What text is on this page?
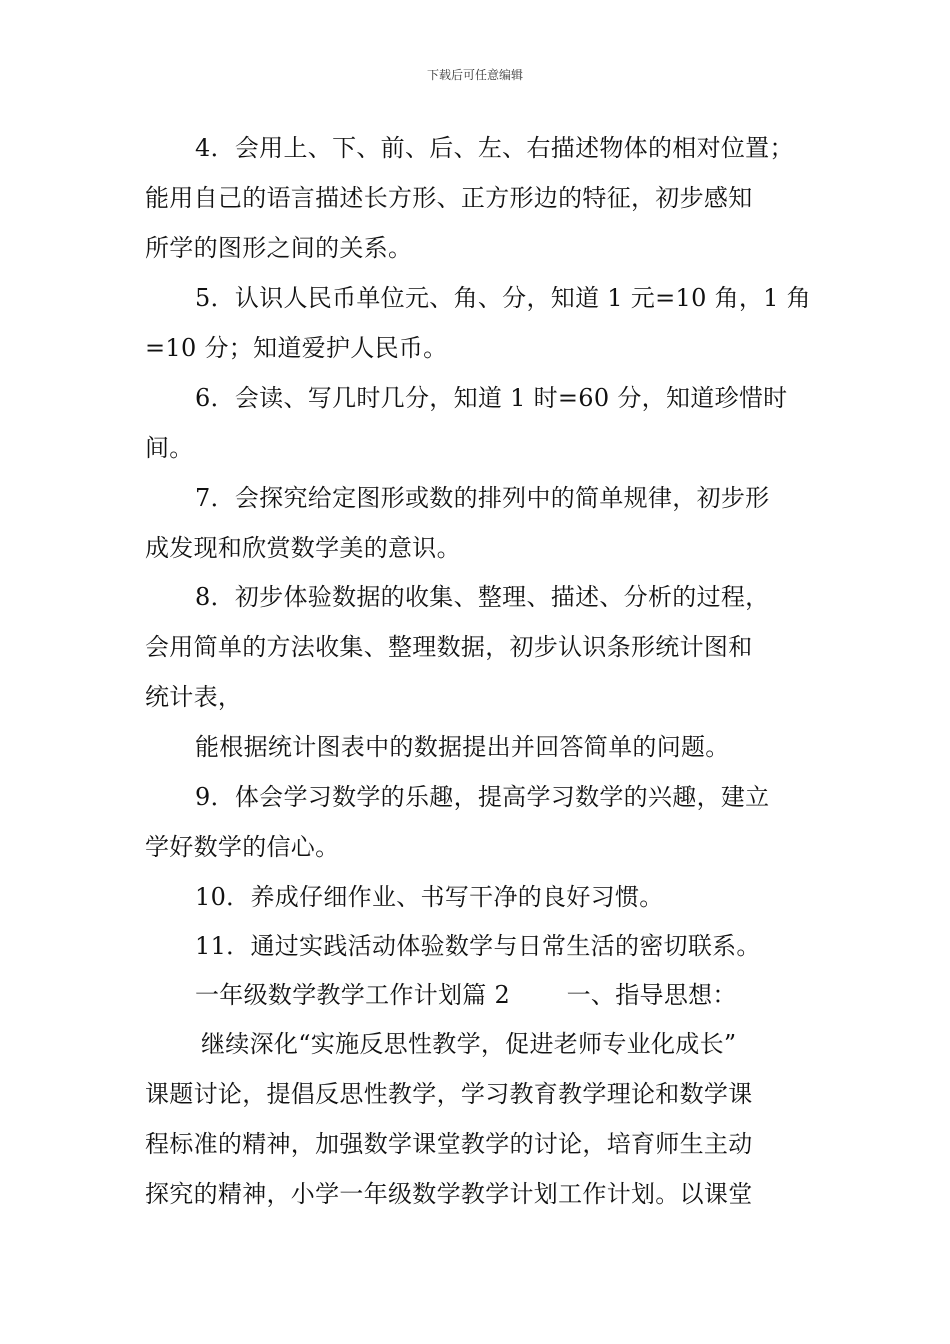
下载后可任意编辑
4．会用上、下、前、后、左、右描述物体的相对位置；
能用自己的语言描述长方形、正方形边的特征，初步感知
所学的图形之间的关系。
5．认识人民币单位元、角、分，知道 1 元=10 角，1 角
=10 分；知道爱护人民币。
6．会读、写几时几分，知道 1 时=60 分，知道珍惜时
间。
7．会探究给定图形或数的排列中的简单规律，初步形
成发现和欣赏数学美的意识。
8．初步体验数据的收集、整理、描述、分析的过程，
会用简单的方法收集、整理数据，初步认识条形统计图和
统计表，
能根据统计图表中的数据提出并回答简单的问题。
9．体会学习数学的乐趣，提高学习数学的兴趣，建立
学好数学的信心。
10．养成仔细作业、书写干净的良好习惯。
11．通过实践活动体验数学与日常生活的密切联系。
一年级数学教学工作计划篇 2　　 一、指导思想：
继续深化“实施反思性教学，促进老师专业化成长”
课题讨论，提倡反思性教学，学习教育教学理论和数学课
程标准的精神，加强数学课堂教学的讨论，培育师生主动
探究的精神，小学一年级数学教学计划工作计划。以课堂
